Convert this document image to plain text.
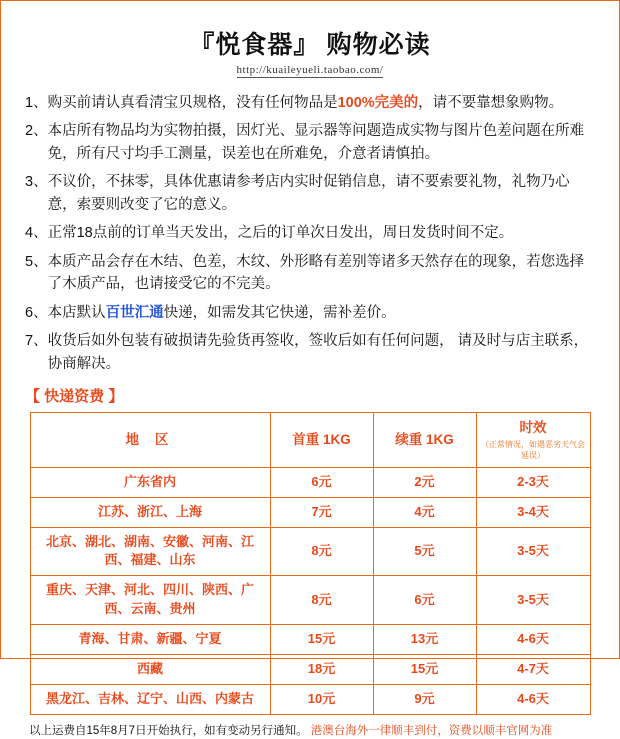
『悦食器』 购物必读
http://kuaileyueli.taobao.com/
1、 购买前请认真看清宝贝规格，没有任何物品是100%完美的，请不要靠想象购物。
2、 本店所有物品均为实物拍摄，因灯光、显示器等问题造成实物与图片色差问题在所难免，所有尺寸均手工测量，误差也在所难免，介意者请慎拍。
3、 不议价，不抹零，具体优惠请参考店内实时促销信息，请不要索要礼物，礼物乃心意，索要则改变了它的意义。
4、 正常18点前的订单当天发出，之后的订单次日发出，周日发货时间不定。
5、 本质产品会存在木结、色差，木纹、外形略有差别等诸多天然存在的现象，若您选择了木质产品，也请接受它的不完美。
6、 本店默认百世汇通快递，如需发其它快递，需补差价。
7、 收货后如外包装有破损请先验货再签收，签收后如有任何问题， 请及时与店主联系，协商解决。
【 快递资费 】
地 区	首重 1KG	续重 1KG	时效
（正常情况，如遇恶劣天气会延误）

广东省内	6元	2元	2-3天
江苏、浙江、上海	7元	4元	3-4天
北京、湖北、湖南、安徽、河南、江西、福建、山东	8元	5元	3-5天
重庆、天津、河北、四川、陕西、广西、云南、贵州	8元	6元	3-5天
青海、甘肃、新疆、宁夏	15元	13元	4-6天
西藏	18元	15元	4-7天
黑龙江、吉林、辽宁、山西、内蒙古	10元	9元	4-6天
以上运费自15年8月7日开始执行，如有变动另行通知。 港澳台海外一律顺丰到付，资费以顺丰官网为准
